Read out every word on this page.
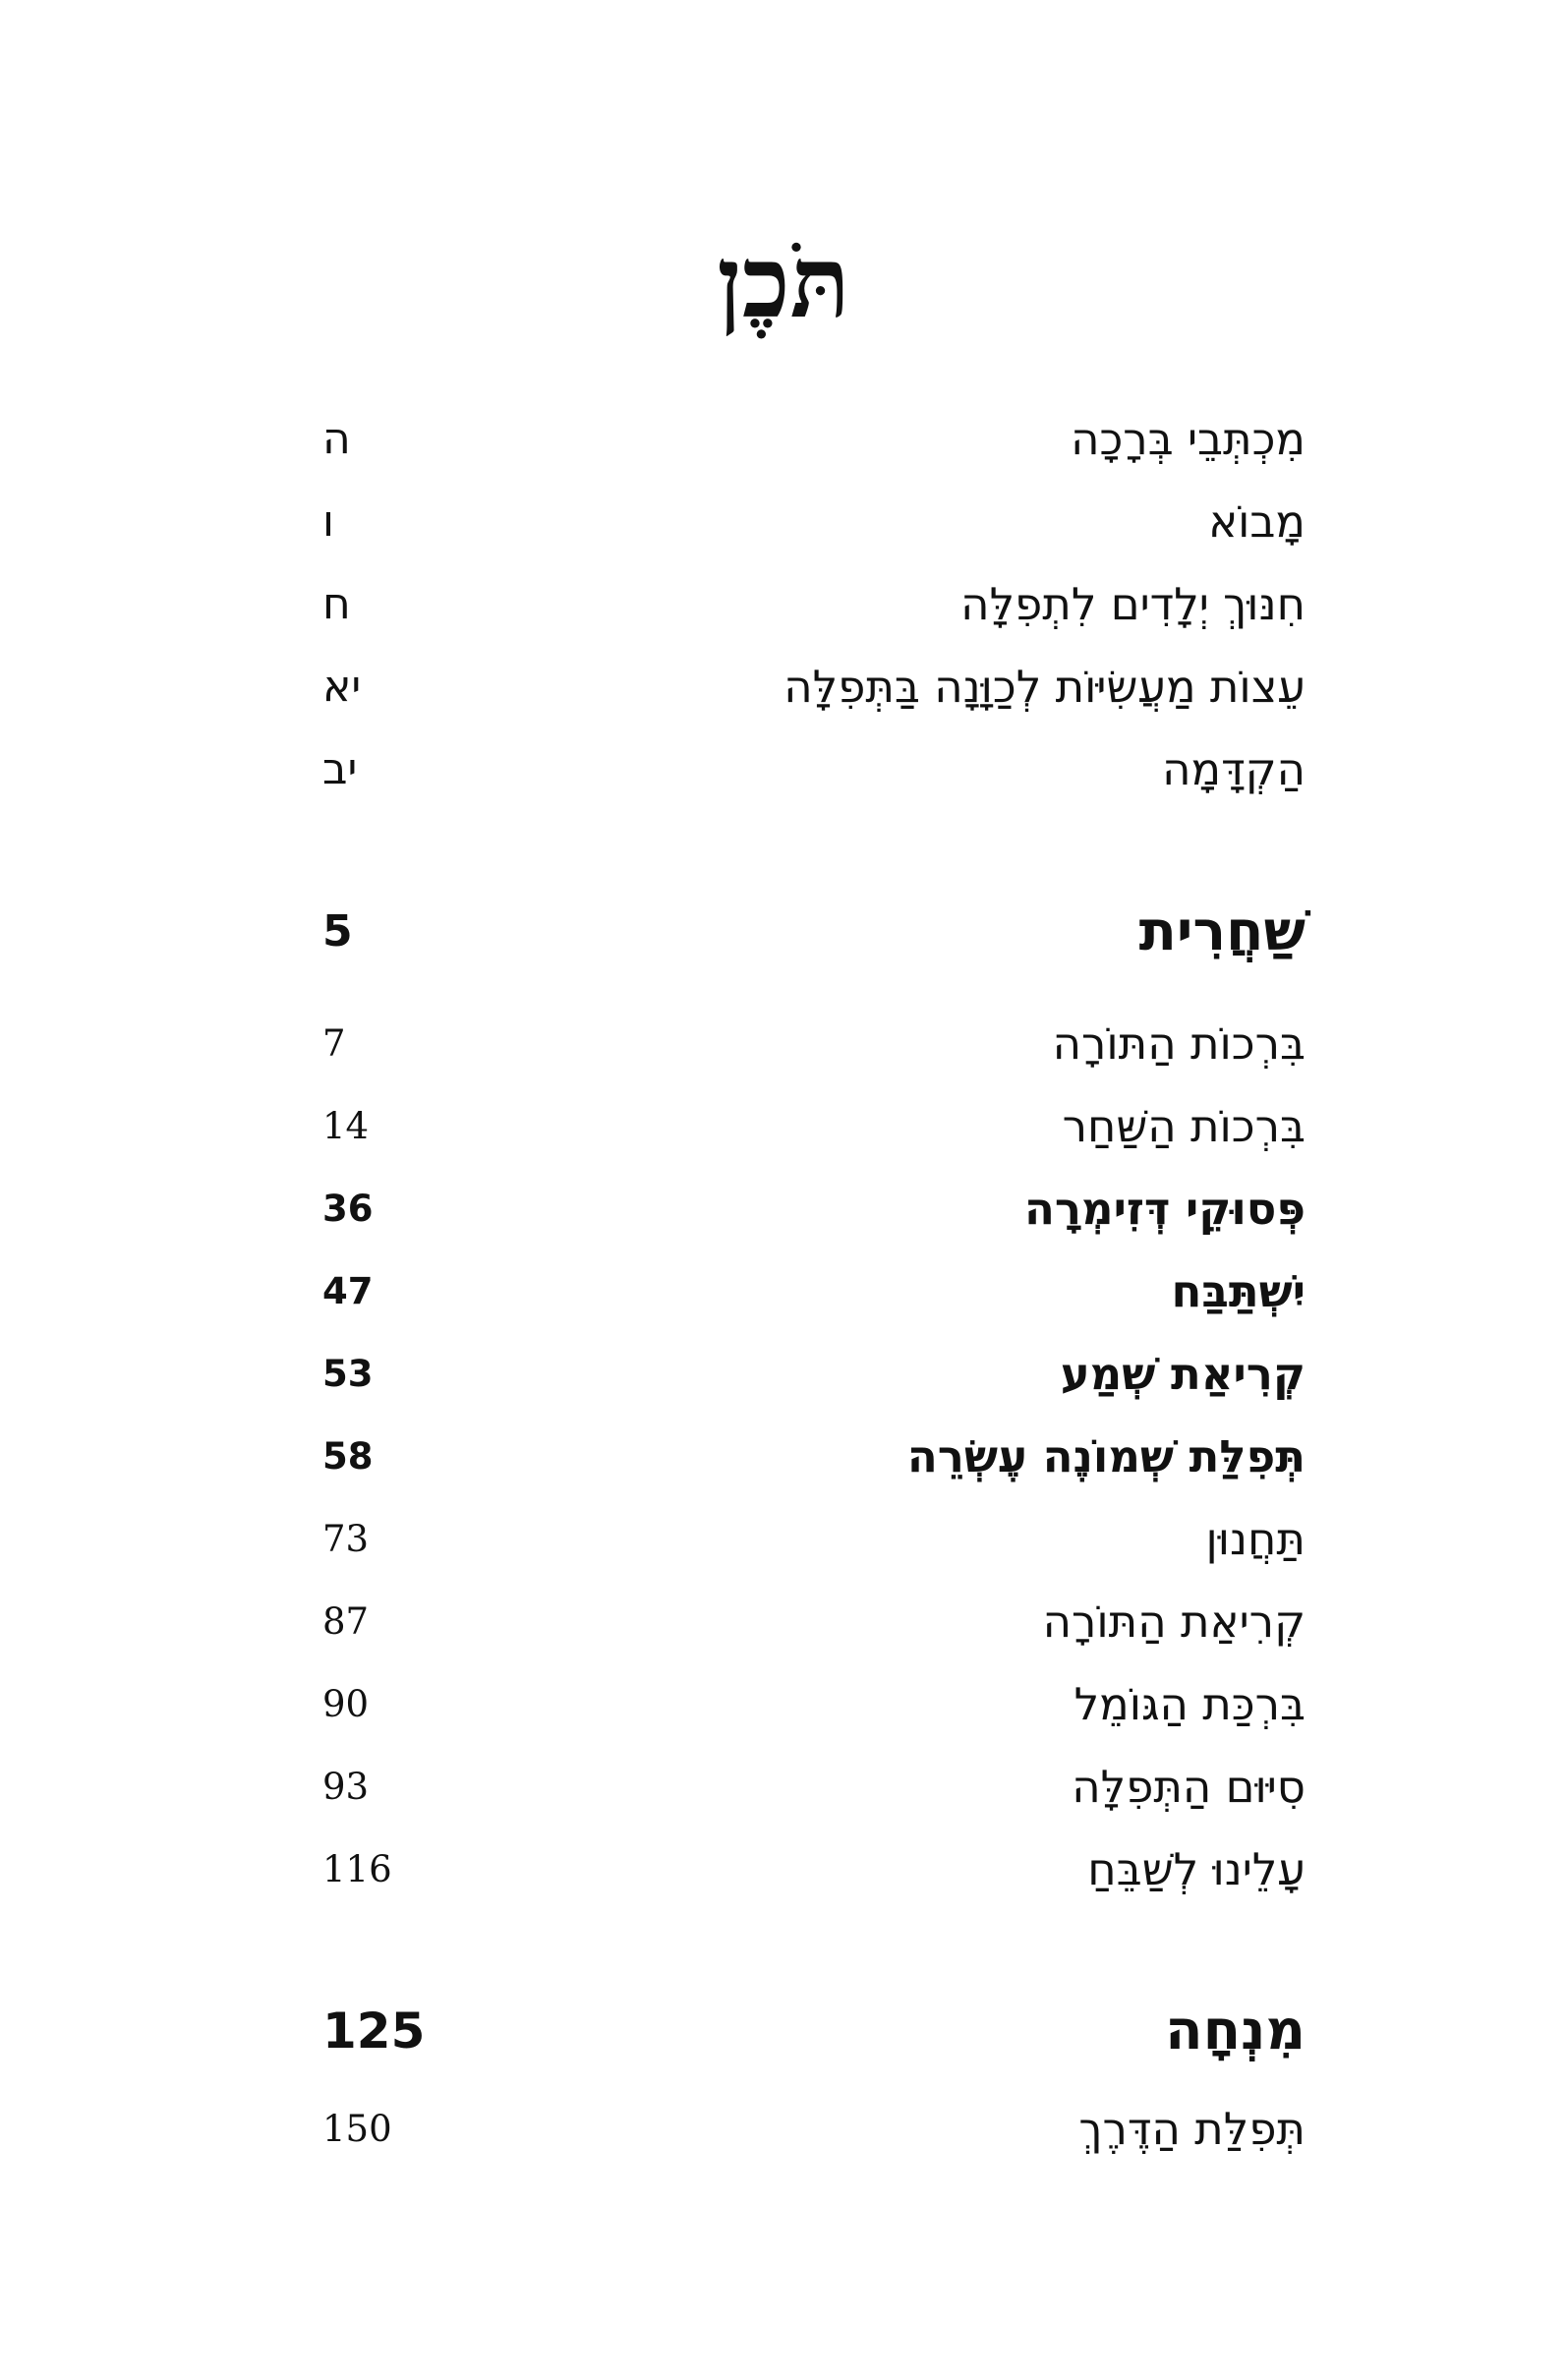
תֹּכֶן
מִכְתְּבֵי בְּרָכָה
ה
מָבוֹא
ו
חִנּוּךְ יְלָדִים לִתְפִלָּה
ח
עֵצוֹת מַעֲשִׂיּוֹת לְכַוָּנָה בַּתְּפִלָּה
יא
הַקְדָּמָה
יב
שַׁחֲרִית
5
בִּרְכוֹת הַתּוֹרָה
7
בִּרְכוֹת הַשַּׁחַר
14
פְּסוּקֵי דְּזִימְרָה
36
יִשְׁתַּבַּח
47
קְרִיאַת שְׁמַע
53
תְּפִלַּת שְׁמוֹנֶה עֶשְׂרֵה
58
תַּחֲנוּן
73
קְרִיאַת הַתּוֹרָה
87
בִּרְכַּת הַגּוֹמֵל
90
סִיּוּם הַתְּפִלָּה
93
עָלֵינוּ לְשַׁבֵּחַ
116
מִנְחָה
125
תְּפִלַּת הַדֶּרֶךְ
150
